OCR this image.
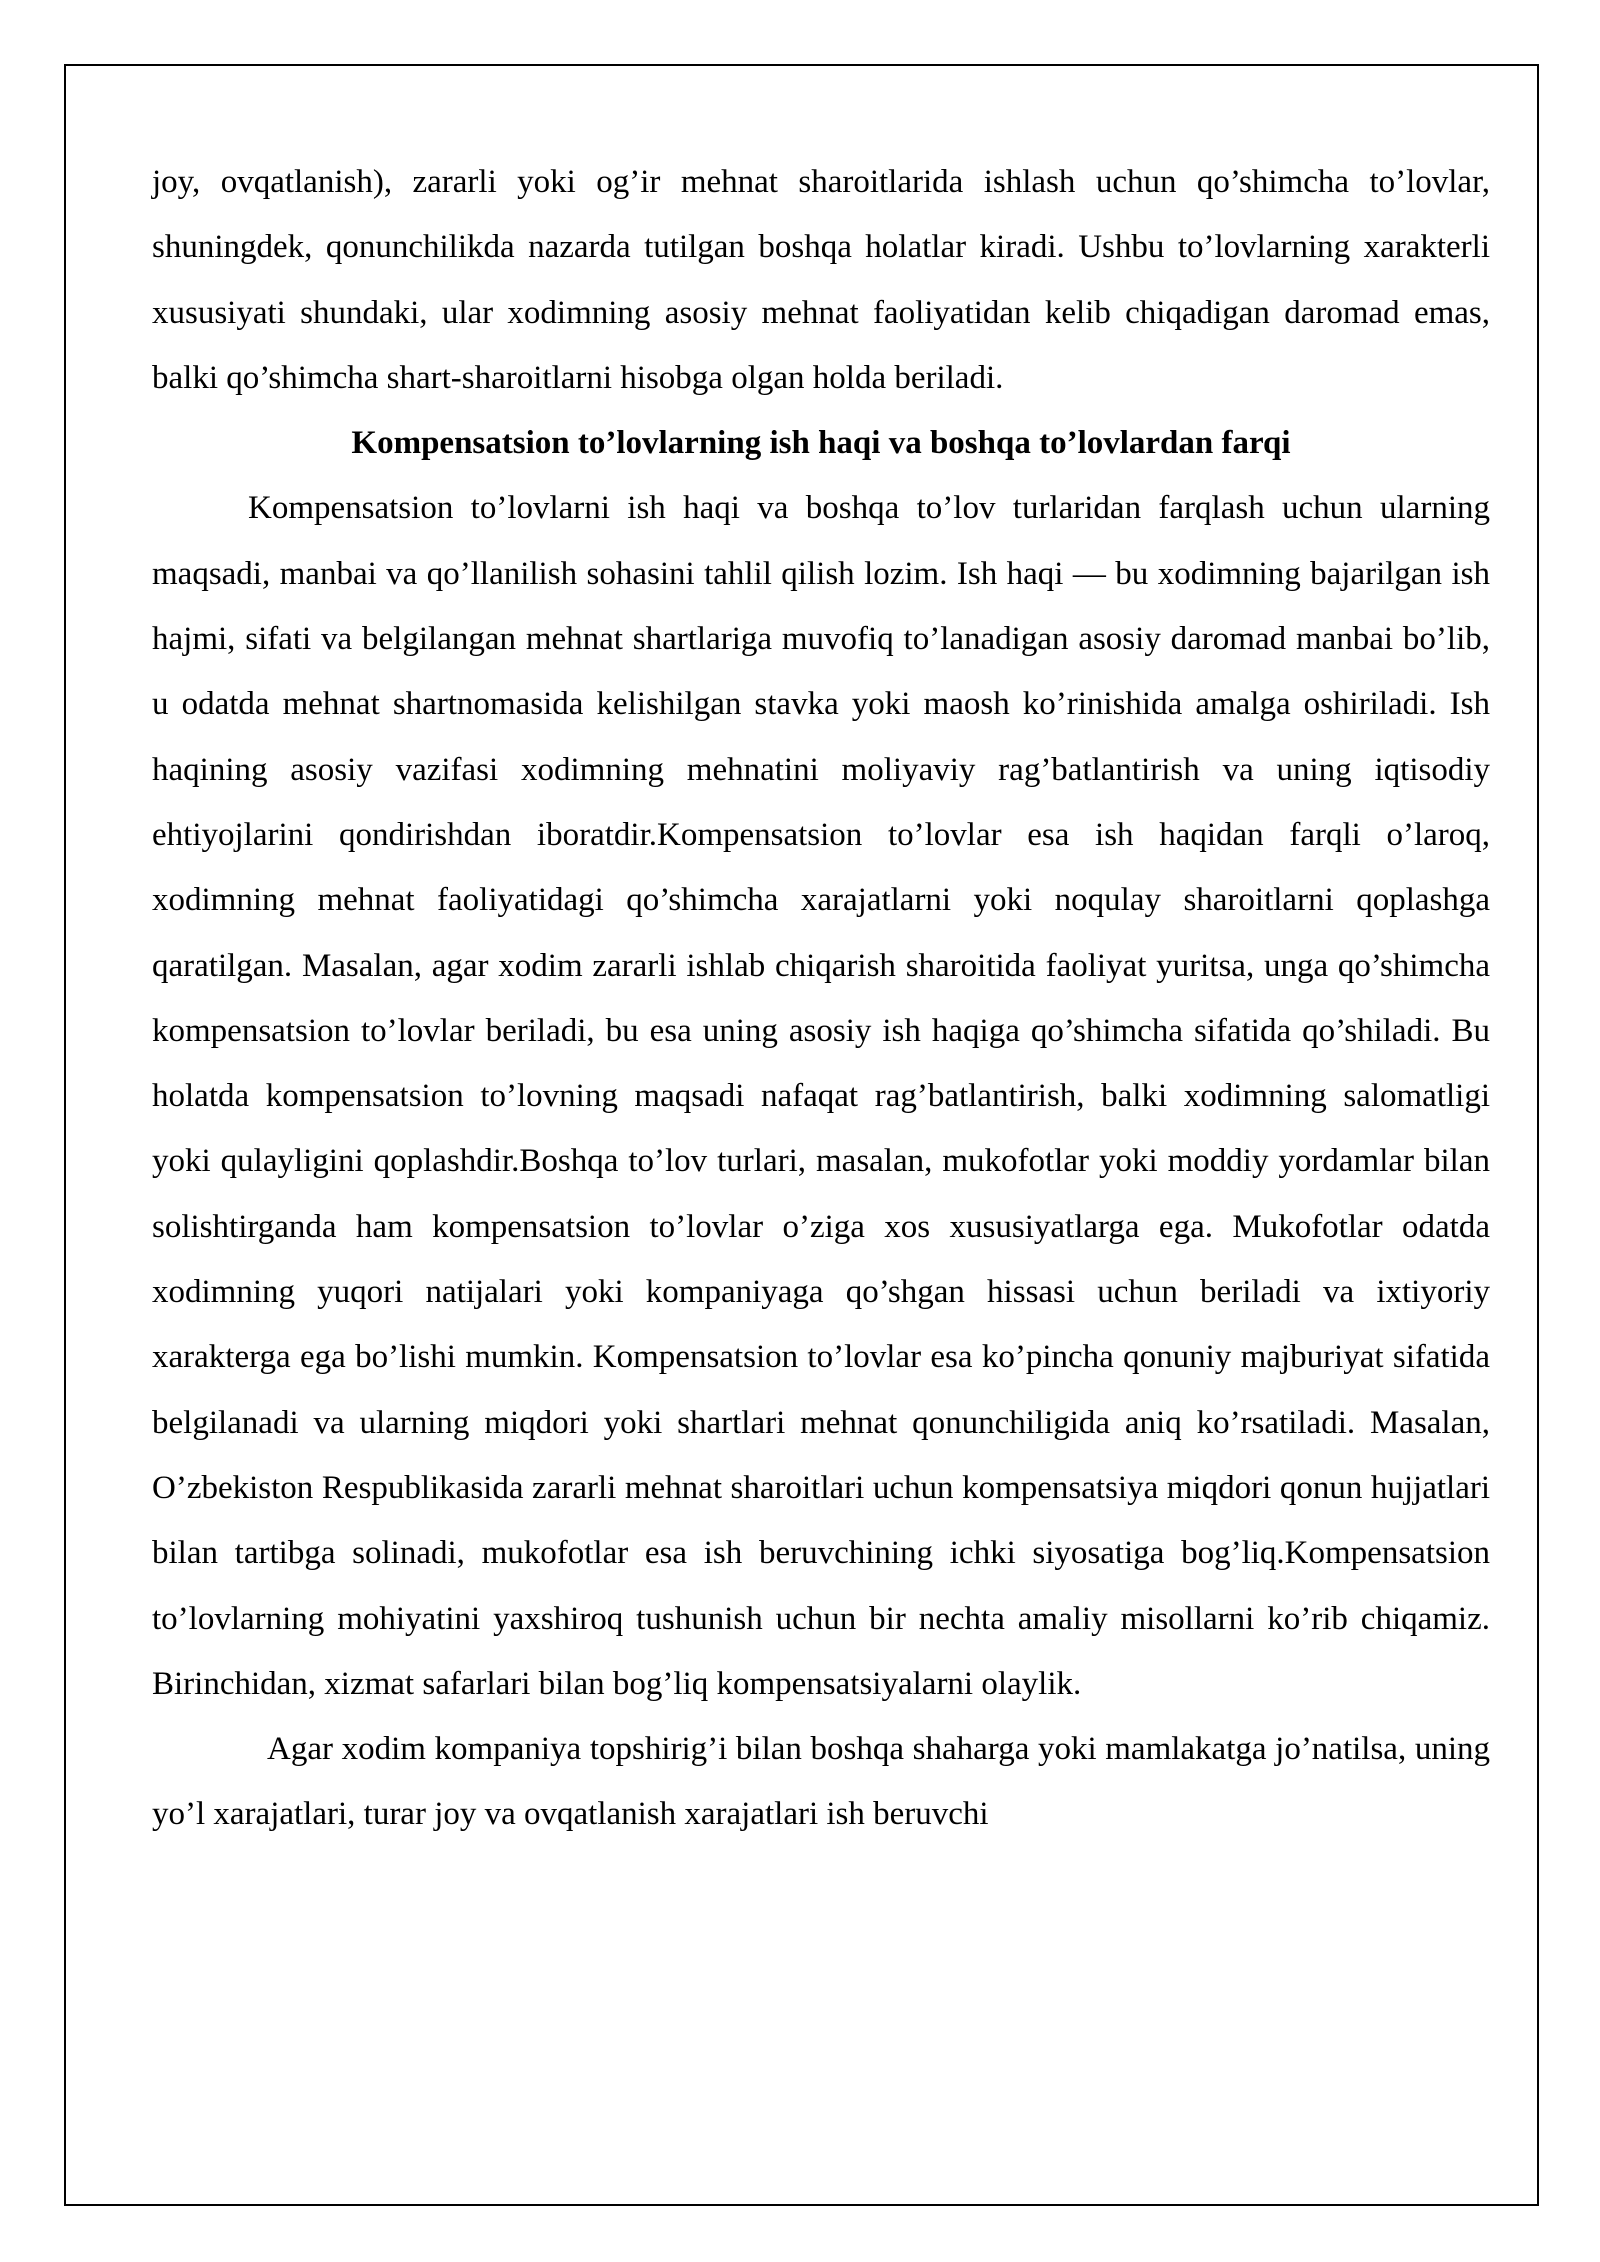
joy, ovqatlanish), zararli yoki og’ir mehnat sharoitlarida ishlash uchun qo’shimcha to’lovlar, shuningdek, qonunchilikda nazarda tutilgan boshqa holatlar kiradi. Ushbu to’lovlarning xarakterli xususiyati shundaki, ular xodimning asosiy mehnat faoliyatidan kelib chiqadigan daromad emas, balki qo’shimcha shart-sharoitlarni hisobga olgan holda beriladi.

Kompensatsion to’lovlarning ish haqi va boshqa to’lovlardan farqi

Kompensatsion to’lovlarni ish haqi va boshqa to’lov turlaridan farqlash uchun ularning maqsadi, manbai va qo’llanilish sohasini tahlil qilish lozim. Ish haqi — bu xodimning bajarilgan ish hajmi, sifati va belgilangan mehnat shartlariga muvofiq to’lanadigan asosiy daromad manbai bo’lib, u odatda mehnat shartnomasida kelishilgan stavka yoki maosh ko’rinishida amalga oshiriladi. Ish haqining asosiy vazifasi xodimning mehnatini moliyaviy rag’batlantirish va uning iqtisodiy ehtiyojlarini qondirishdan iboratdir.Kompensatsion to’lovlar esa ish haqidan farqli o’laroq, xodimning mehnat faoliyatidagi qo’shimcha xarajatlarni yoki noqulay sharoitlarni qoplashga qaratilgan. Masalan, agar xodim zararli ishlab chiqarish sharoitida faoliyat yuritsa, unga qo’shimcha kompensatsion to’lovlar beriladi, bu esa uning asosiy ish haqiga qo’shimcha sifatida qo’shiladi. Bu holatda kompensatsion to’lovning maqsadi nafaqat rag’batlantirish, balki xodimning salomatligi yoki qulayligini qoplashdir.Boshqa to’lov turlari, masalan, mukofotlar yoki moddiy yordamlar bilan solishtirganda ham kompensatsion to’lovlar o’ziga xos xususiyatlarga ega. Mukofotlar odatda xodimning yuqori natijalari yoki kompaniyaga qo’shgan hissasi uchun beriladi va ixtiyoriy xarakterga ega bo’lishi mumkin. Kompensatsion to’lovlar esa ko’pincha qonuniy majburiyat sifatida belgilanadi va ularning miqdori yoki shartlari mehnat qonunchiligida aniq ko’rsatiladi. Masalan, O’zbekiston Respublikasida zararli mehnat sharoitlari uchun kompensatsiya miqdori qonun hujjatlari bilan tartibga solinadi, mukofotlar esa ish beruvchining ichki siyosatiga bog’liq.Kompensatsion to’lovlarning mohiyatini yaxshiroq tushunish uchun bir nechta amaliy misollarni ko’rib chiqamiz. Birinchidan, xizmat safarlari bilan bog’liq kompensatsiyalarni olaylik.

Agar xodim kompaniya topshirig’i bilan boshqa shaharga yoki mamlakatga jo’natilsa, uning yo’l xarajatlari, turar joy va ovqatlanish xarajatlari ish beruvchi
